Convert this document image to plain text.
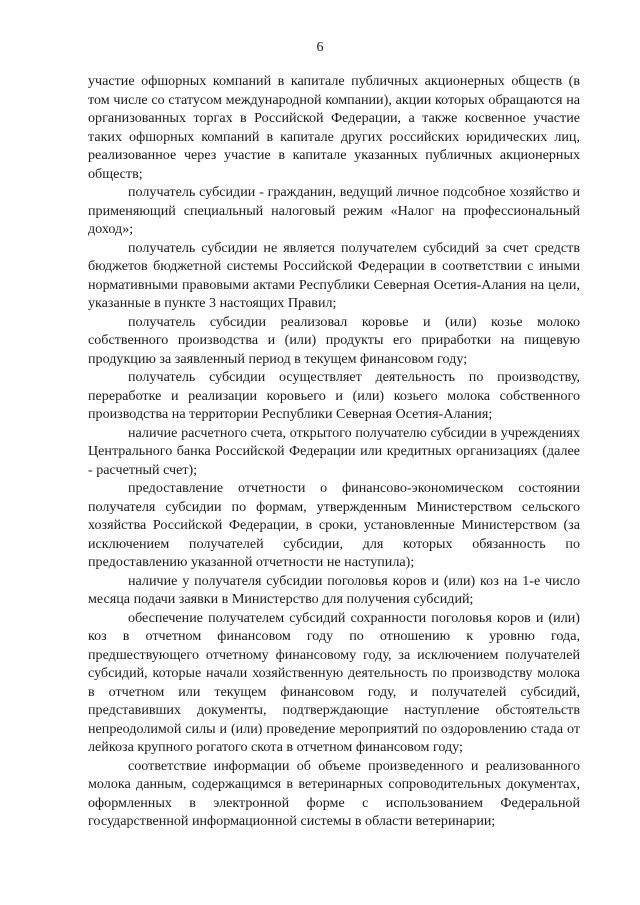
6

участие офшорных компаний в капитале публичных акционерных обществ (в том числе со статусом международной компании), акции которых обращаются на организованных торгах в Российской Федерации, а также косвенное участие таких офшорных компаний в капитале других российских юридических лиц, реализованное через участие в капитале указанных публичных акционерных обществ;

получатель субсидии - гражданин, ведущий личное подсобное хозяйство и применяющий специальный налоговый режим «Налог на профессиональный доход»;

получатель субсидии не является получателем субсидий за счет средств бюджетов бюджетной системы Российской Федерации в соответствии с иными нормативными правовыми актами Республики Северная Осетия-Алания на цели, указанные в пункте 3 настоящих Правил;

получатель субсидии реализовал коровье и (или) козье молоко собственного производства и (или) продукты его приработки на пищевую продукцию за заявленный период в текущем финансовом году;

получатель субсидии осуществляет деятельность по производству, переработке и реализации коровьего и (или) козьего молока собственного производства на территории Республики Северная Осетия-Алания;

наличие расчетного счета, открытого получателю субсидии в учреждениях Центрального банка Российской Федерации или кредитных организациях (далее - расчетный счет);

предоставление отчетности о финансово-экономическом состоянии получателя субсидии по формам, утвержденным Министерством сельского хозяйства Российской Федерации, в сроки, установленные Министерством (за исключением получателей субсидии, для которых обязанность по предоставлению указанной отчетности не наступила);

наличие у получателя субсидии поголовья коров и (или) коз на 1-е число месяца подачи заявки в Министерство для получения субсидий;

обеспечение получателем субсидий сохранности поголовья коров и (или) коз в отчетном финансовом году по отношению к уровню года, предшествующего отчетному финансовому году, за исключением получателей субсидий, которые начали хозяйственную деятельность по производству молока в отчетном или текущем финансовом году, и получателей субсидий, представивших документы, подтверждающие наступление обстоятельств непреодолимой силы и (или) проведение мероприятий по оздоровлению стада от лейкоза крупного рогатого скота в отчетном финансовом году;

соответствие информации об объеме произведенного и реализованного молока данным, содержащимся в ветеринарных сопроводительных документах, оформленных в электронной форме с использованием Федеральной государственной информационной системы в области ветеринарии;
